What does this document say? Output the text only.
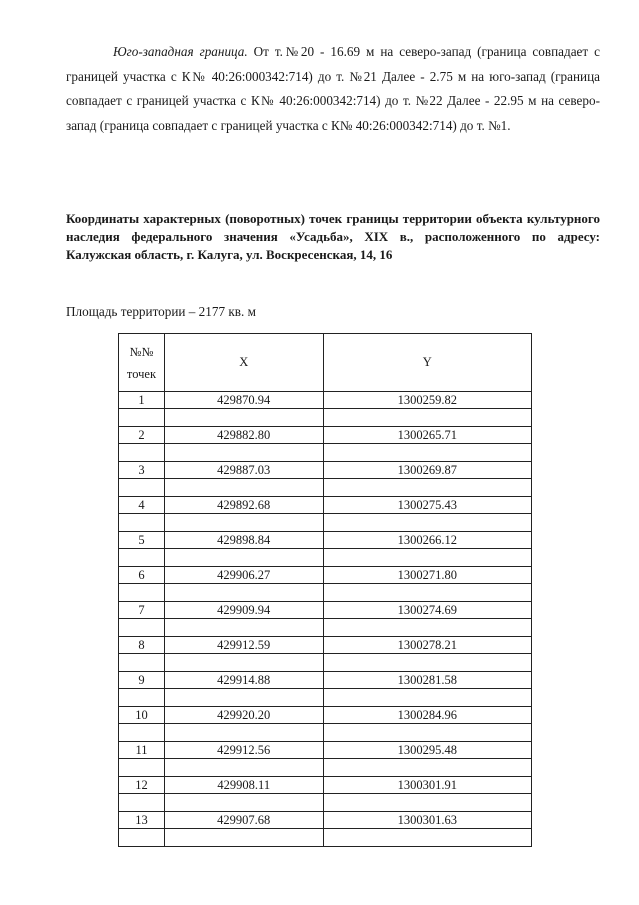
Юго-западная граница. От т.№20 - 16.69 м на северо-запад (граница совпадает с границей участка с К№ 40:26:000342:714) до т. №21 Далее - 2.75 м на юго-запад (граница совпадает с границей участка с К№ 40:26:000342:714) до т. №22 Далее - 22.95 м на северо-запад (граница совпадает с границей участка с К№ 40:26:000342:714) до т. №1.
Координаты характерных (поворотных) точек границы территории объекта культурного наследия федерального значения «Усадьба», XIX в., расположенного по адресу: Калужская область, г. Калуга, ул. Воскресенская, 14, 16
Площадь территории – 2177 кв. м
№№
точек	X	Y
1	429870.94	1300259.82

2	429882.80	1300265.71

3	429887.03	1300269.87

4	429892.68	1300275.43

5	429898.84	1300266.12

6	429906.27	1300271.80

7	429909.94	1300274.69

8	429912.59	1300278.21

9	429914.88	1300281.58

10	429920.20	1300284.96

11	429912.56	1300295.48

12	429908.11	1300301.91

13	429907.68	1300301.63
